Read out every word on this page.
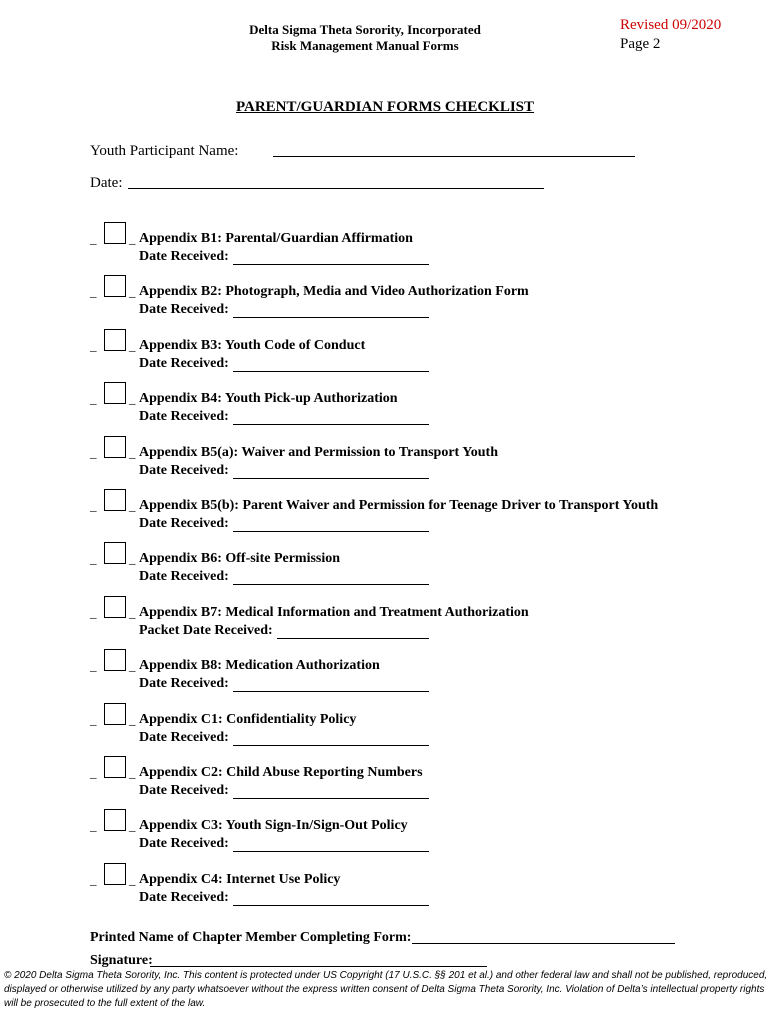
Delta Sigma Theta Sorority, Incorporated
Risk Management Manual Forms
Revised 09/2020
Page 2
PARENT/GUARDIAN FORMS CHECKLIST
Youth Participant Name:
Date:
_	_ Appendix B1: Parental/Guardian Affirmation
Date Received:
_	_ Appendix B2: Photograph, Media and Video Authorization Form
Date Received:
_	_ Appendix B3: Youth Code of Conduct
Date Received:
_	_ Appendix B4: Youth Pick-up Authorization
Date Received:
_	_ Appendix B5(a): Waiver and Permission to Transport Youth
Date Received:
_	_ Appendix B5(b): Parent Waiver and Permission for Teenage Driver to Transport Youth
Date Received:
_	_ Appendix B6: Off-site Permission
Date Received:
_	_ Appendix B7: Medical Information and Treatment Authorization
Packet Date Received:
_	_ Appendix B8: Medication Authorization
Date Received:
_	_ Appendix C1: Confidentiality Policy
Date Received:
_	_ Appendix C2: Child Abuse Reporting Numbers
Date Received:
_	_ Appendix C3: Youth Sign-In/Sign-Out Policy
Date Received:
_	_ Appendix C4: Internet Use Policy
Date Received:
Printed Name of Chapter Member Completing Form:
Signature:
© 2020 Delta Sigma Theta Sorority, Inc. This content is protected under US Copyright (17 U.S.C. §§ 201 et al.) and other federal law and shall not be published, reproduced, displayed or otherwise utilized by any party whatsoever without the express written consent of Delta Sigma Theta Sorority, Inc. Violation of Delta’s intellectual property rights will be prosecuted to the full extent of the law.
